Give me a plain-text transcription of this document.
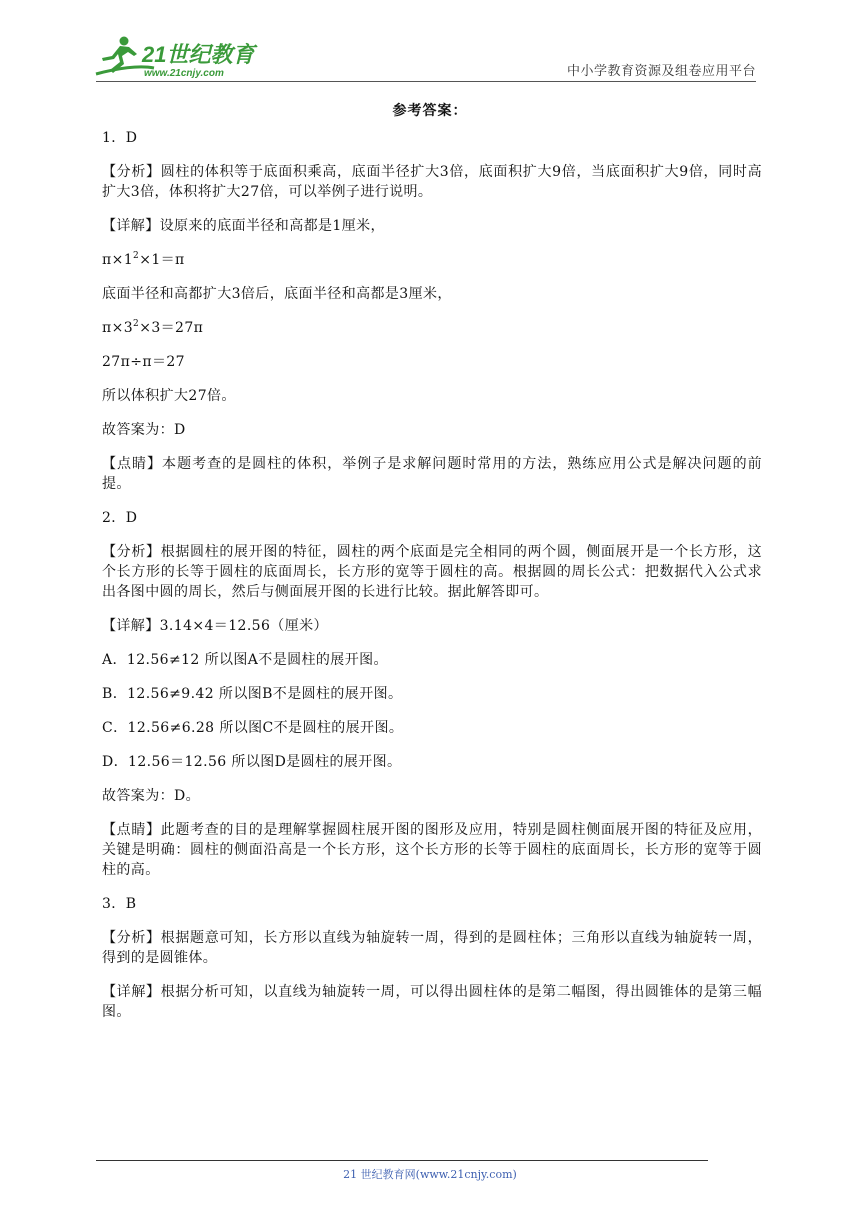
21世纪教育
www.21cnjy.com	中小学教育资源及组卷应用平台
参考答案：

1．D

【分析】圆柱的体积等于底面积乘高，底面半径扩大3倍，底面积扩大9倍，当底面积扩大9倍，同时高扩大3倍，体积将扩大27倍，可以举例子进行说明。

【详解】设原来的底面半径和高都是1厘米，

$\pi\times 1^2\times 1=\pi$

底面半径和高都扩大3倍后，底面半径和高都是3厘米，

$\pi\times 3^2\times 3=27\pi$

27π÷π＝27

所以体积扩大27倍。

故答案为：D

【点睛】本题考查的是圆柱的体积，举例子是求解问题时常用的方法，熟练应用公式是解决问题的前提。

2．D

【分析】根据圆柱的展开图的特征，圆柱的两个底面是完全相同的两个圆，侧面展开是一个长方形，这个长方形的长等于圆柱的底面周长，长方形的宽等于圆柱的高。根据圆的周长公式：把数据代入公式求出各图中圆的周长，然后与侧面展开图的长进行比较。据此解答即可。

【详解】3.14×4＝12.56（厘米）

A．12.56≠12 所以图A不是圆柱的展开图。

B．12.56≠9.42 所以图B不是圆柱的展开图。

C．12.56≠6.28 所以图C不是圆柱的展开图。

D．12.56＝12.56 所以图D是圆柱的展开图。

故答案为：D。

【点睛】此题考查的目的是理解掌握圆柱展开图的图形及应用，特别是圆柱侧面展开图的特征及应用，关键是明确：圆柱的侧面沿高是一个长方形，这个长方形的长等于圆柱的底面周长，长方形的宽等于圆柱的高。

3．B

【分析】根据题意可知，长方形以直线为轴旋转一周，得到的是圆柱体；三角形以直线为轴旋转一周，得到的是圆锥体。

【详解】根据分析可知，以直线为轴旋转一周，可以得出圆柱体的是第二幅图，得出圆锥体的是第三幅图。

21 世纪教育网(www.21cnjy.com)
